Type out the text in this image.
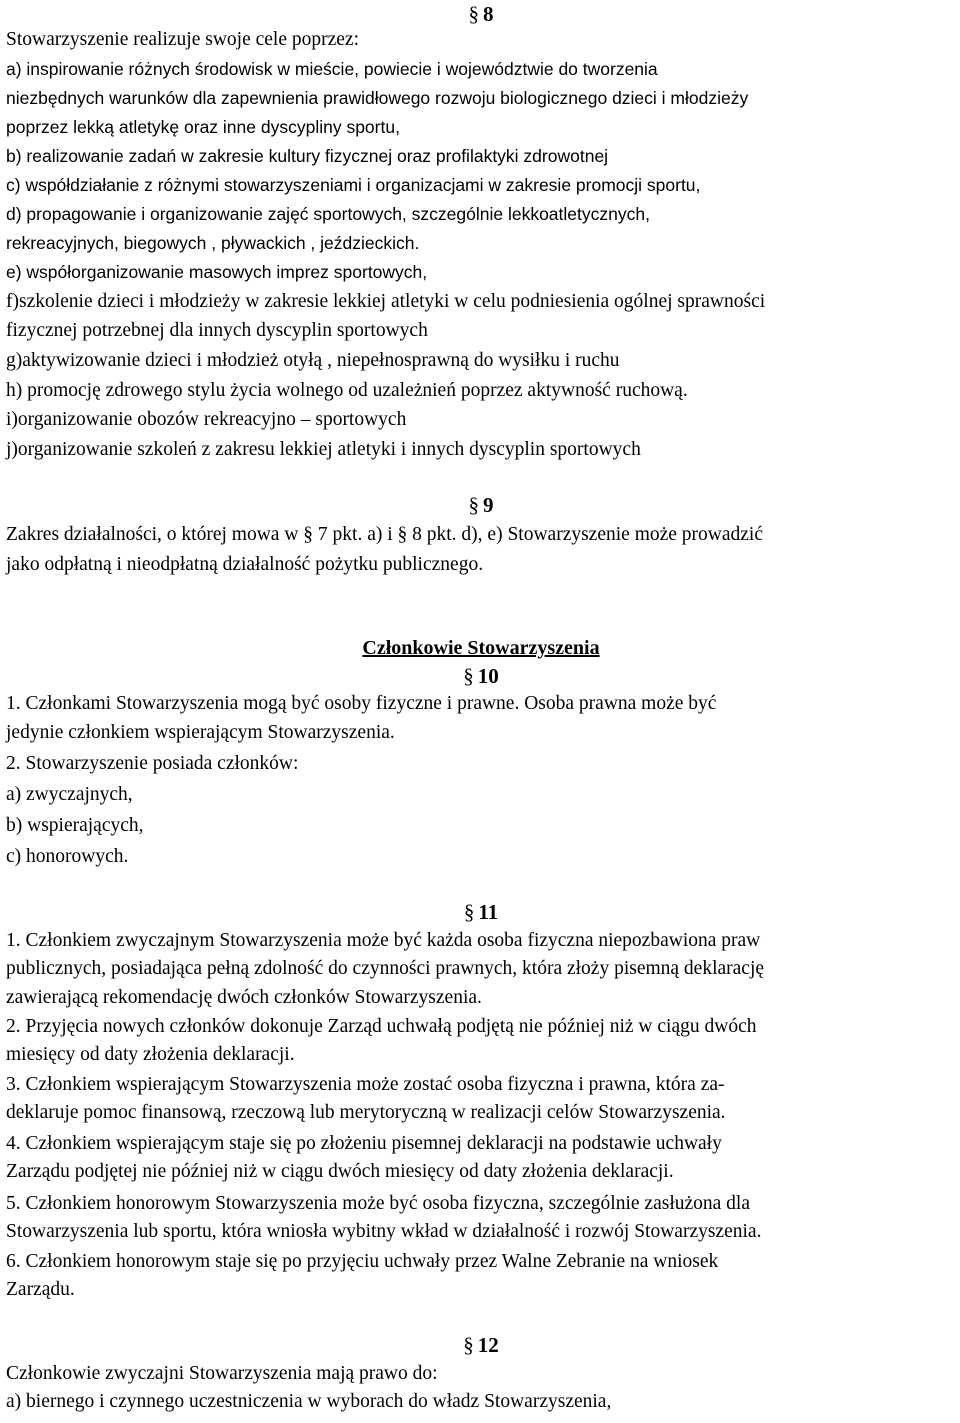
§ 8
Stowarzyszenie realizuje swoje cele poprzez:
a) inspirowanie różnych środowisk w mieście, powiecie i województwie do tworzenia
niezbędnych warunków dla zapewnienia prawidłowego rozwoju biologicznego dzieci i młodzieży
poprzez lekką atletykę oraz inne dyscypliny sportu,
b) realizowanie zadań w zakresie kultury fizycznej oraz profilaktyki zdrowotnej
c) współdziałanie z różnymi stowarzyszeniami i organizacjami w zakresie promocji sportu,
d) propagowanie i organizowanie zajęć sportowych, szczególnie lekkoatletycznych,
rekreacyjnych, biegowych , pływackich , jeździeckich.
e) współorganizowanie masowych imprez sportowych,
f)szkolenie dzieci i młodzieży w zakresie lekkiej atletyki w celu podniesienia ogólnej sprawności
fizycznej potrzebnej dla innych dyscyplin sportowych
g)aktywizowanie dzieci i młodzież otyłą , niepełnosprawną do wysiłku i ruchu
h) promocję zdrowego stylu życia wolnego od uzależnień poprzez aktywność ruchową.
i)organizowanie obozów rekreacyjno – sportowych
j)organizowanie szkoleń z zakresu lekkiej atletyki i innych dyscyplin sportowych
§ 9
Zakres działalności, o której mowa w § 7 pkt. a) i § 8 pkt. d), e) Stowarzyszenie może prowadzić
jako odpłatną i nieodpłatną działalność pożytku publicznego.
Członkowie Stowarzyszenia
§ 10
1. Członkami Stowarzyszenia mogą być osoby fizyczne i prawne. Osoba prawna może być
jedynie członkiem wspierającym Stowarzyszenia.
2. Stowarzyszenie posiada członków:
a) zwyczajnych,
b) wspierających,
c) honorowych.
§ 11
1. Członkiem zwyczajnym Stowarzyszenia może być każda osoba fizyczna niepozbawiona praw
publicznych, posiadająca pełną zdolność do czynności prawnych, która złoży pisemną deklarację
zawierającą rekomendację dwóch członków Stowarzyszenia.
2. Przyjęcia nowych członków dokonuje Zarząd uchwałą podjętą nie później niż w ciągu dwóch
miesięcy od daty złożenia deklaracji.
3. Członkiem wspierającym Stowarzyszenia może zostać osoba fizyczna i prawna, która za-
deklaruje pomoc finansową, rzeczową lub merytoryczną w realizacji celów Stowarzyszenia.
4. Członkiem wspierającym staje się po złożeniu pisemnej deklaracji na podstawie uchwały
Zarządu podjętej nie później niż w ciągu dwóch miesięcy od daty złożenia deklaracji.
5. Członkiem honorowym Stowarzyszenia może być osoba fizyczna, szczególnie zasłużona dla
Stowarzyszenia lub sportu, która wniosła wybitny wkład w działalność i rozwój Stowarzyszenia.
6. Członkiem honorowym staje się po przyjęciu uchwały przez Walne Zebranie na wniosek
Zarządu.
§ 12
Członkowie zwyczajni Stowarzyszenia mają prawo do:
a) biernego i czynnego uczestniczenia w wyborach do władz Stowarzyszenia,
